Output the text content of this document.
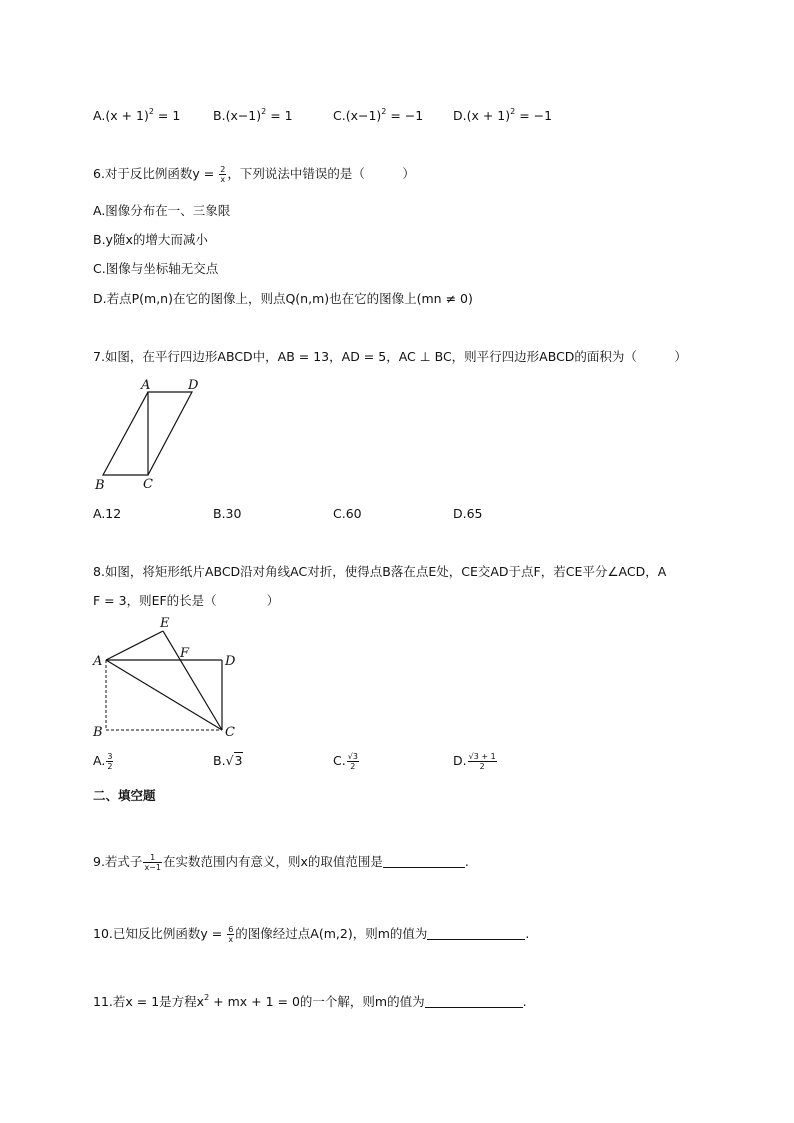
$A.(x + 1)^2 = 1$	$B.(x-1)^2 = 1$	$C.(x-1)^2 = -1$ $D.(x + 1)^2 = -1$
6.对于反比例函数$y = \frac{2}{x}$ ，下列说法中错误的是（　　　）
A.图像分布在一、三象限
B.y随x的增大而减小
C.图像与坐标轴无交点
D.若点P(m,n)在它的图像上，则点Q(n,m)也在它的图像上(mn ≠ 0)
7.如图，在平行四边形ABCD中，AB = 13，AD = 5，AC ⊥ BC，则平行四边形ABCD的面积为（　　　）
A	D
B	C
A.12	B.30	C.60	D.65
8.如图，将矩形纸片ABCD沿对角线AC对折，使得点B落在点E处，CE交AD于点F，若CE平分∠ACD，A
F = 3，则EF的长是（　　　　）
E
F
A	D
B	C
A. $\frac{3}{2}$	B.√3	C. $\frac{√3}{2}$	D. $\frac{√3 + 1}{2}$
二、填空题
9.若式子 $\frac{1}{x-1}$ 在实数范围内有意义，则x的取值范围是	.
10.已知反比例函数$y = \frac{6}{x}$ 的图像经过点A(m,2)，则m的值为	.
11.若x = 1是方程$x^2$ + mx + 1 = 0的一个解，则m的值为	.
